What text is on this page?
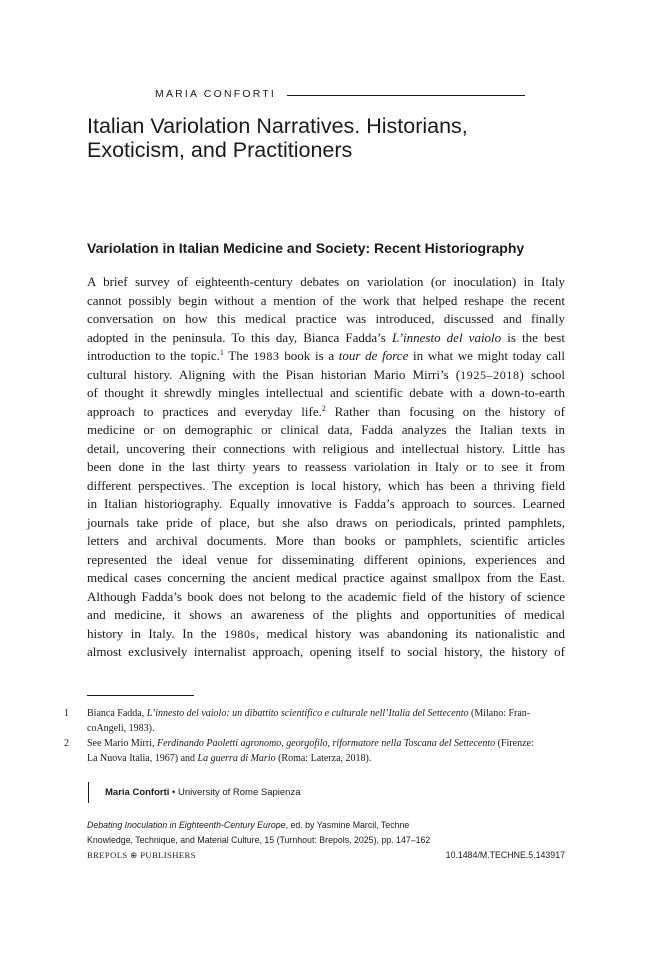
MARIA CONFORTI
Italian Variolation Narratives. Historians,
Exoticism, and Practitioners
Variolation in Italian Medicine and Society: Recent Historiography
A brief survey of eighteenth-century debates on variolation (or inoculation) in Italy
cannot possibly begin without a mention of the work that helped reshape the recent
conversation on how this medical practice was introduced, discussed and finally
adopted in the peninsula. To this day, Bianca Fadda’s L’innesto del vaiolo is the best
introduction to the topic.$^1$ The 1983 book is a tour de force in what we might today call
cultural history. Aligning with the Pisan historian Mario Mirri’s (1925–2018) school
of thought it shrewdly mingles intellectual and scientific debate with a down-to-earth
approach to practices and everyday life.$^2$ Rather than focusing on the history of
medicine or on demographic or clinical data, Fadda analyzes the Italian texts in
detail, uncovering their connections with religious and intellectual history. Little has
been done in the last thirty years to reassess variolation in Italy or to see it from
different perspectives. The exception is local history, which has been a thriving field
in Italian historiography. Equally innovative is Fadda’s approach to sources. Learned
journals take pride of place, but she also draws on periodicals, printed pamphlets,
letters and archival documents. More than books or pamphlets, scientific articles
represented the ideal venue for disseminating different opinions, experiences and
medical cases concerning the ancient medical practice against smallpox from the East.
Although Fadda’s book does not belong to the academic field of the history of science
and medicine, it shows an awareness of the plights and opportunities of medical
history in Italy. In the 1980s, medical history was abandoning its nationalistic and
almost exclusively internalist approach, opening itself to social history, the history of
1 Bianca Fadda, L’innesto del vaiolo: un dibattito scientifico e culturale nell’Italia del Settecento (Milano: Fran-
coAngeli, 1983).
2 See Mario Mirri, Ferdinando Paoletti agronomo, georgofilo, riformatore nella Toscana del Settecento (Firenze:
La Nuova Italia, 1967) and La guerra di Mario (Roma: Laterza, 2018).
Maria Conforti • University of Rome Sapienza
Debating Inoculation in Eighteenth-Century Europe, ed. by Yasmine Marcil, Techne
Knowledge, Technique, and Material Culture, 15 (Turnhout: Brepols, 2025), pp. 147–162
BREPOLS ⊕ PUBLISHERS	10.1484/M.TECHNE.5.143917
